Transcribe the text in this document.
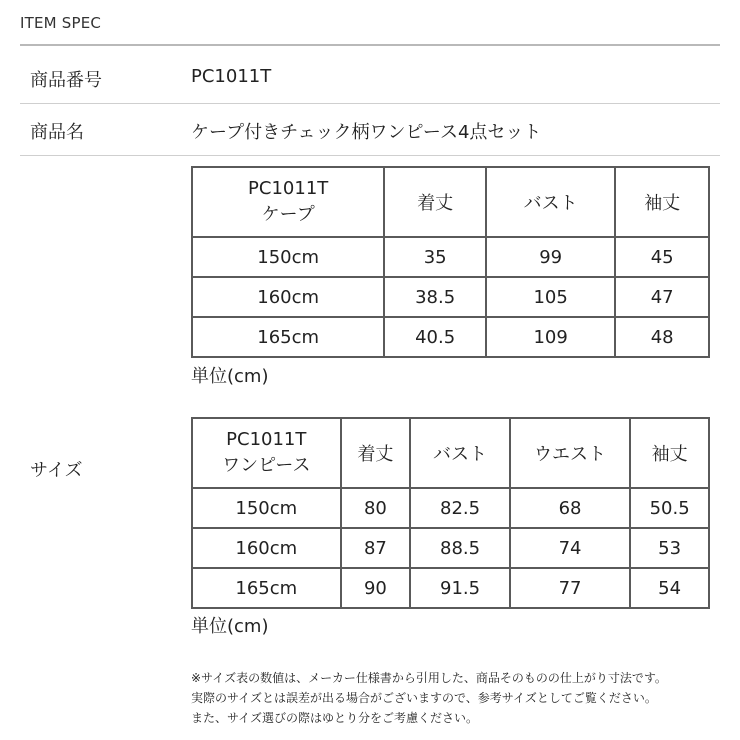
ITEM SPEC
商品番号	PC1011T
商品名	ケープ付きチェック柄ワンピース4点セット
サイズ
PC1011T
ケープ	着丈	バスト	袖丈
150cm	35	99	45
160cm	38.5	105	47
165cm	40.5	109	48
単位(cm)
PC1011T
ワンピース	着丈	バスト	ウエスト	袖丈
150cm	80	82.5	68	50.5
160cm	87	88.5	74	53
165cm	90	91.5	77	54
単位(cm)
※サイズ表の数値は、メーカー仕様書から引用した、商品そのものの仕上がり寸法です。
実際のサイズとは誤差が出る場合がございますので、参考サイズとしてご覧ください。
また、サイズ選びの際はゆとり分をご考慮ください。
